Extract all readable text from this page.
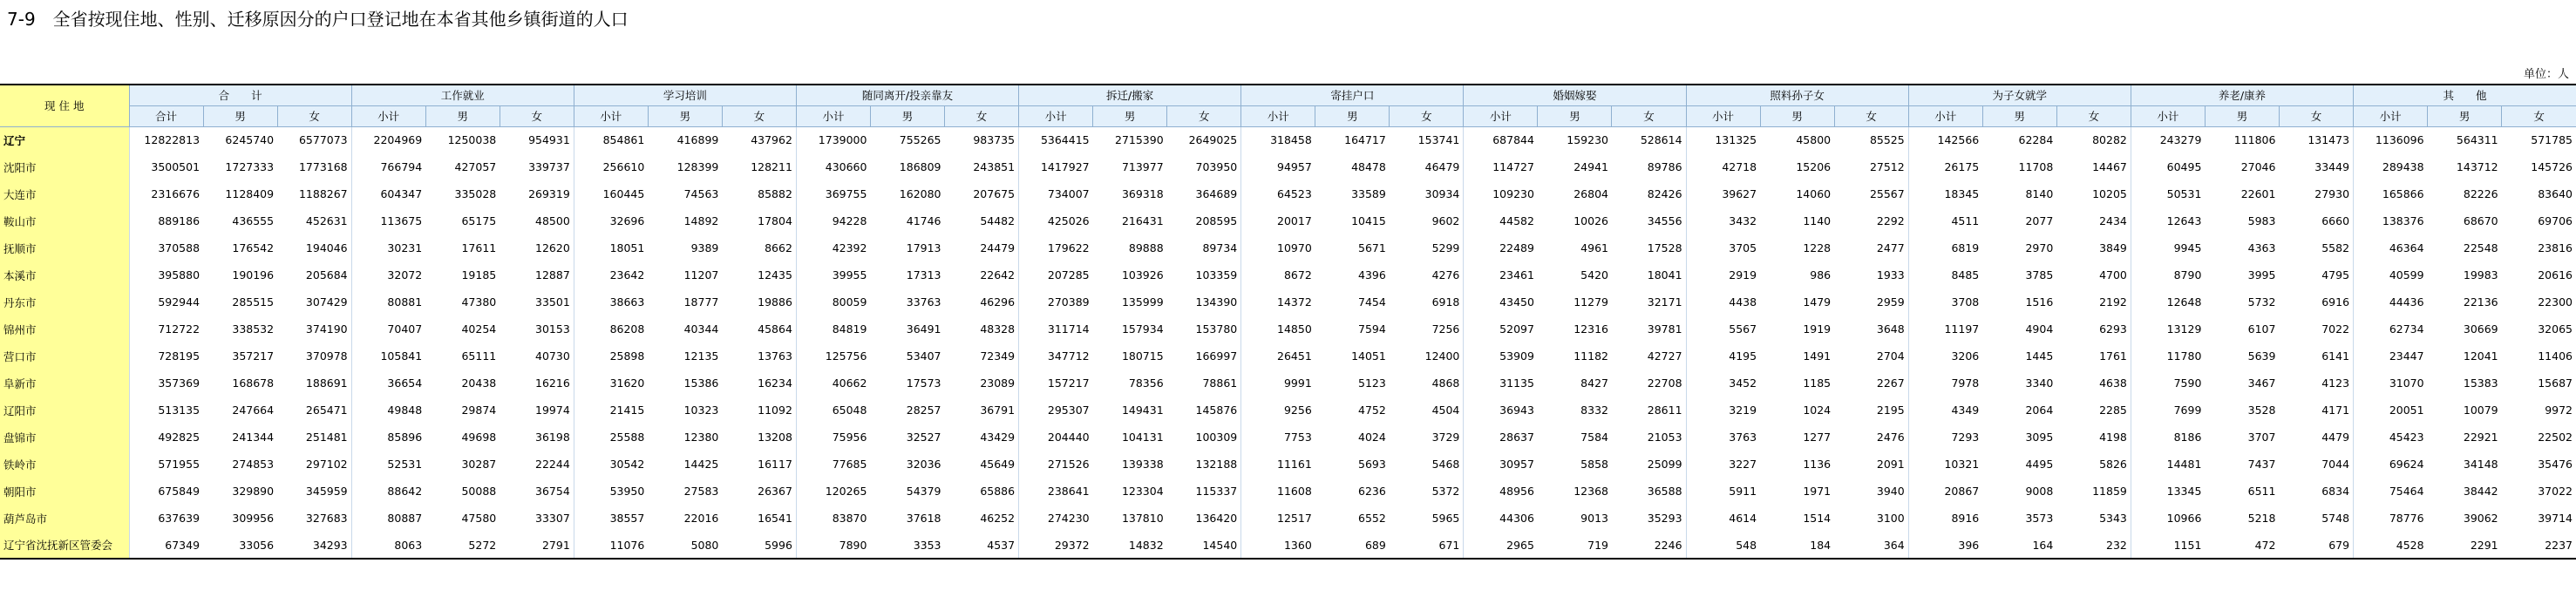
7-9　全省按现住地、性别、迁移原因分的户口登记地在本省其他乡镇街道的人口
单位：人
现 住 地	合　　计			工作就业			学习培训			随同离开/投亲靠友			拆迁/搬家			寄挂户口			婚姻嫁娶			照料孙子女			为子女就学			养老/康养			其　　他		
	合计	男	女	小计	男	女	小计	男	女	小计	男	女	小计	男	女	小计	男	女	小计	男	女	小计	男	女	小计	男	女	小计	男	女	小计	男	女
辽宁	12822813	6245740	6577073	2204969	1250038	954931	854861	416899	437962	1739000	755265	983735	5364415	2715390	2649025	318458	164717	153741	687844	159230	528614	131325	45800	85525	142566	62284	80282	243279	111806	131473	1136096	564311	571785
沈阳市	3500501	1727333	1773168	766794	427057	339737	256610	128399	128211	430660	186809	243851	1417927	713977	703950	94957	48478	46479	114727	24941	89786	42718	15206	27512	26175	11708	14467	60495	27046	33449	289438	143712	145726
大连市	2316676	1128409	1188267	604347	335028	269319	160445	74563	85882	369755	162080	207675	734007	369318	364689	64523	33589	30934	109230	26804	82426	39627	14060	25567	18345	8140	10205	50531	22601	27930	165866	82226	83640
鞍山市	889186	436555	452631	113675	65175	48500	32696	14892	17804	94228	41746	54482	425026	216431	208595	20017	10415	9602	44582	10026	34556	3432	1140	2292	4511	2077	2434	12643	5983	6660	138376	68670	69706
抚顺市	370588	176542	194046	30231	17611	12620	18051	9389	8662	42392	17913	24479	179622	89888	89734	10970	5671	5299	22489	4961	17528	3705	1228	2477	6819	2970	3849	9945	4363	5582	46364	22548	23816
本溪市	395880	190196	205684	32072	19185	12887	23642	11207	12435	39955	17313	22642	207285	103926	103359	8672	4396	4276	23461	5420	18041	2919	986	1933	8485	3785	4700	8790	3995	4795	40599	19983	20616
丹东市	592944	285515	307429	80881	47380	33501	38663	18777	19886	80059	33763	46296	270389	135999	134390	14372	7454	6918	43450	11279	32171	4438	1479	2959	3708	1516	2192	12648	5732	6916	44436	22136	22300
锦州市	712722	338532	374190	70407	40254	30153	86208	40344	45864	84819	36491	48328	311714	157934	153780	14850	7594	7256	52097	12316	39781	5567	1919	3648	11197	4904	6293	13129	6107	7022	62734	30669	32065
营口市	728195	357217	370978	105841	65111	40730	25898	12135	13763	125756	53407	72349	347712	180715	166997	26451	14051	12400	53909	11182	42727	4195	1491	2704	3206	1445	1761	11780	5639	6141	23447	12041	11406
阜新市	357369	168678	188691	36654	20438	16216	31620	15386	16234	40662	17573	23089	157217	78356	78861	9991	5123	4868	31135	8427	22708	3452	1185	2267	7978	3340	4638	7590	3467	4123	31070	15383	15687
辽阳市	513135	247664	265471	49848	29874	19974	21415	10323	11092	65048	28257	36791	295307	149431	145876	9256	4752	4504	36943	8332	28611	3219	1024	2195	4349	2064	2285	7699	3528	4171	20051	10079	9972
盘锦市	492825	241344	251481	85896	49698	36198	25588	12380	13208	75956	32527	43429	204440	104131	100309	7753	4024	3729	28637	7584	21053	3763	1277	2476	7293	3095	4198	8186	3707	4479	45423	22921	22502
铁岭市	571955	274853	297102	52531	30287	22244	30542	14425	16117	77685	32036	45649	271526	139338	132188	11161	5693	5468	30957	5858	25099	3227	1136	2091	10321	4495	5826	14481	7437	7044	69624	34148	35476
朝阳市	675849	329890	345959	88642	50088	36754	53950	27583	26367	120265	54379	65886	238641	123304	115337	11608	6236	5372	48956	12368	36588	5911	1971	3940	20867	9008	11859	13345	6511	6834	75464	38442	37022
葫芦岛市	637639	309956	327683	80887	47580	33307	38557	22016	16541	83870	37618	46252	274230	137810	136420	12517	6552	5965	44306	9013	35293	4614	1514	3100	8916	3573	5343	10966	5218	5748	78776	39062	39714
辽宁省沈抚新区管委会	67349	33056	34293	8063	5272	2791	11076	5080	5996	7890	3353	4537	29372	14832	14540	1360	689	671	2965	719	2246	548	184	364	396	164	232	1151	472	679	4528	2291	2237
